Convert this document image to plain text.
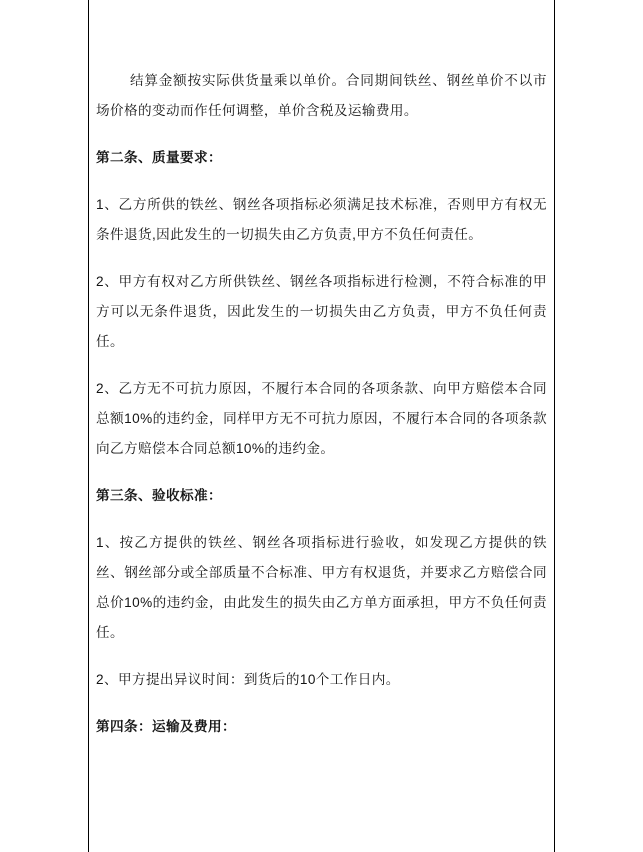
结算金额按实际供货量乘以单价。合同期间铁丝、钢丝单价不以市场价格的变动而作任何调整，单价含税及运输费用。

第二条、质量要求：

1、乙方所供的铁丝、钢丝各项指标必须满足技术标准，否则甲方有权无条件退货,因此发生的一切损失由乙方负责,甲方不负任何责任。

2、甲方有权对乙方所供铁丝、钢丝各项指标进行检测，不符合标准的甲方可以无条件退货，因此发生的一切损失由乙方负责，甲方不负任何责任。

2、乙方无不可抗力原因，不履行本合同的各项条款、向甲方赔偿本合同总额10%的违约金，同样甲方无不可抗力原因，不履行本合同的各项条款向乙方赔偿本合同总额10%的违约金。

第三条、验收标准：

1、按乙方提供的铁丝、钢丝各项指标进行验收，如发现乙方提供的铁丝、钢丝部分或全部质量不合标准、甲方有权退货，并要求乙方赔偿合同总价10%的违约金，由此发生的损失由乙方单方面承担，甲方不负任何责任。

2、甲方提出异议时间：到货后的10个工作日内。

第四条：运输及费用：
